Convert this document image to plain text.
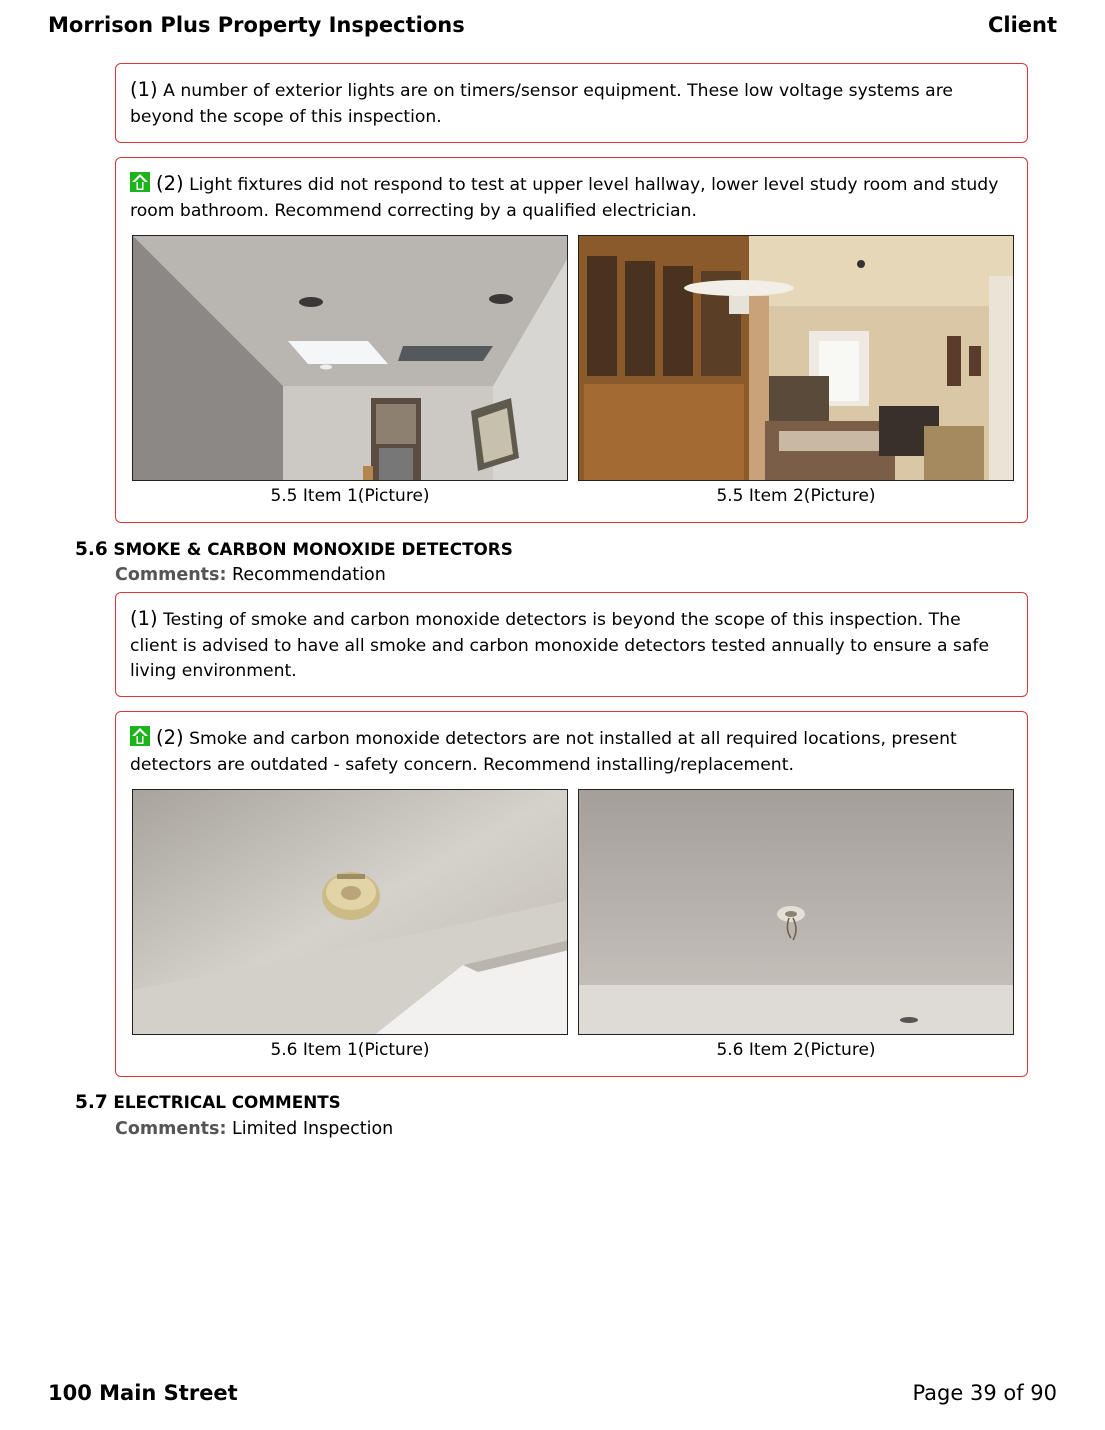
Morrison Plus Property Inspections	Client
(1) A number of exterior lights are on timers/sensor equipment. These low voltage systems are beyond the scope of this inspection.
(2) Light fixtures did not respond to test at upper level hallway, lower level study room and study room bathroom. Recommend correcting by a qualified electrician.
5.5 Item 1(Picture)	5.5 Item 2(Picture)
5.6 SMOKE & CARBON MONOXIDE DETECTORS
Comments: Recommendation
(1) Testing of smoke and carbon monoxide detectors is beyond the scope of this inspection. The client is advised to have all smoke and carbon monoxide detectors tested annually to ensure a safe living environment.
(2) Smoke and carbon monoxide detectors are not installed at all required locations, present detectors are outdated - safety concern. Recommend installing/replacement.
5.6 Item 1(Picture)	5.6 Item 2(Picture)
5.7 ELECTRICAL COMMENTS
Comments: Limited Inspection
100 Main Street	Page 39 of 90
